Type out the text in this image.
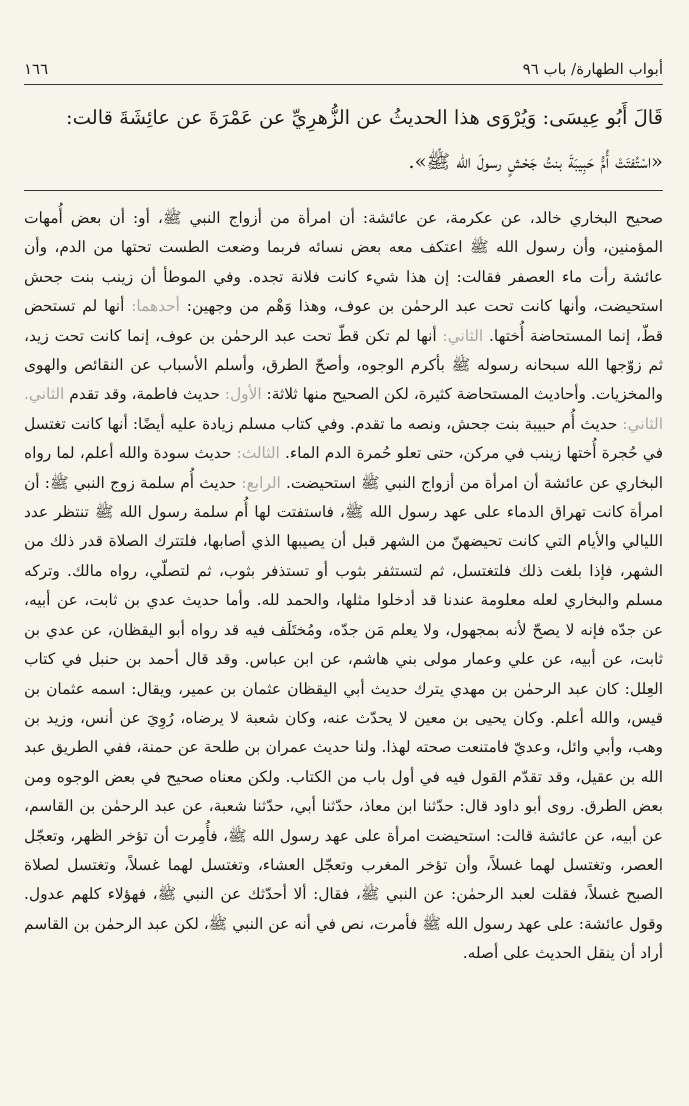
١٦٦	أبواب الطهارة/ باب ٩٦

قَالَ أَبُو عِيسَى: وَيُرْوَى هذا الحديثُ عن الزُّهرِيِّ عن عَمْرَةَ عن عائِشَةَ قالت:

«اسْتُفتَتْ أُمُّ حَبِيبَةَ بنتُ جَحْشٍ رسولَ الله ﷺ».

صحيح البخاري خالد، عن عكرمة، عن عائشة: أن امرأة من أزواج النبي ﷺ، أو: أن بعض أُمهات المؤمنين، وأن رسول الله ﷺ اعتكف معه بعض نسائه فربما وضعت الطست تحتها من الدم، وأن عائشة رأت ماء العصفر فقالت: إن هذا شيء كانت فلانة تجده. وفي الموطأ أن زينب بنت جحش استحيضت، وأنها كانت تحت عبد الرحمٰن بن عوف، وهذا وَهْم من وجهين: أحدهما: أنها لم تستحض قطّ، إنما المستحاضة أُختها. الثاني: أنها لم تكن قطّ تحت عبد الرحمٰن بن عوف، إنما كانت تحت زيد، ثم زوّجها الله سبحانه رسوله ﷺ بأكرم الوجوه، وأصحّ الطرق، وأسلم الأسباب عن النقائص والهوى والمخزيات. وأحاديث المستحاضة كثيرة، لكن الصحيح منها ثلاثة: الأول: حديث فاطمة، وقد تقدم الثاني. الثاني: حديث أُم حبيبة بنت جحش، ونصه ما تقدم. وفي كتاب مسلم زيادة عليه أيضًا: أنها كانت تغتسل في حُجرة أُختها زينب في مركن، حتى تعلو حُمرة الدم الماء. الثالث: حديث سودة والله أعلم، لما رواه البخاري عن عائشة أن امرأة من أزواج النبي ﷺ استحيضت. الرابع: حديث أُم سلمة زوج النبي ﷺ: أن امرأة كانت تهراق الدماء على عهد رسول الله ﷺ، فاستفتت لها أُم سلمة رسول الله ﷺ تنتظر عدد الليالي والأيام التي كانت تحيضهنّ من الشهر قبل أن يصيبها الذي أصابها، فلتترك الصلاة قدر ذلك من الشهر، فإذا بلغت ذلك فلتغتسل، ثم لتستثفر بثوب أو تستذفر بثوب، ثم لتصلّي، رواه مالك. وتركه مسلم والبخاري لعله معلومة عندنا قد أدخلوا مثلها، والحمد لله. وأما حديث عدي بن ثابت، عن أبيه، عن جدّه فإنه لا يصحّ لأنه بمجهول، ولا يعلم مَن جدّه، ومُختَلَف فيه قد رواه أبو اليقظان، عن عدي بن ثابت، عن أبيه، عن علي وعمار مولى بني هاشم، عن ابن عباس. وقد قال أحمد بن حنبل في كتاب العِلل: كان عبد الرحمٰن بن مهدي يترك حديث أبي اليقظان عثمان بن عمير، ويقال: اسمه عثمان بن قيس، والله أعلم. وكان يحيى بن معين لا يحدّث عنه، وكان شعبة لا يرضاه، رُوِيَ عن أنس، وزيد بن وهب، وأبي وائل، وعديّ فامتنعت صحته لهذا. ولنا حديث عمران بن طلحة عن حمنة، ففي الطريق عبد الله بن عقيل، وقد تقدّم القول فيه في أول باب من الكتاب. ولكن معناه صحيح في بعض الوجوه ومن بعض الطرق. روى أبو داود قال: حدّثنا ابن معاذ، حدّثنا أبي، حدّثنا شعبة، عن عبد الرحمٰن بن القاسم، عن أبيه، عن عائشة قالت: استحيضت امرأة على عهد رسول الله ﷺ، فأُمِرت أن تؤخر الظهر، وتعجّل العصر، وتغتسل لهما غسلاً، وأن تؤخر المغرب وتعجّل العشاء، وتغتسل لهما غسلاً، وتغتسل لصلاة الصبح غسلاً، فقلت لعبد الرحمٰن: عن النبي ﷺ، فقال: ألا أحدّثك عن النبي ﷺ، فهؤلاء كلهم عدول. وقول عائشة: على عهد رسول الله ﷺ فأمرت، نص في أنه عن النبي ﷺ، لكن عبد الرحمٰن بن القاسم أراد أن ينقل الحديث على أصله.
